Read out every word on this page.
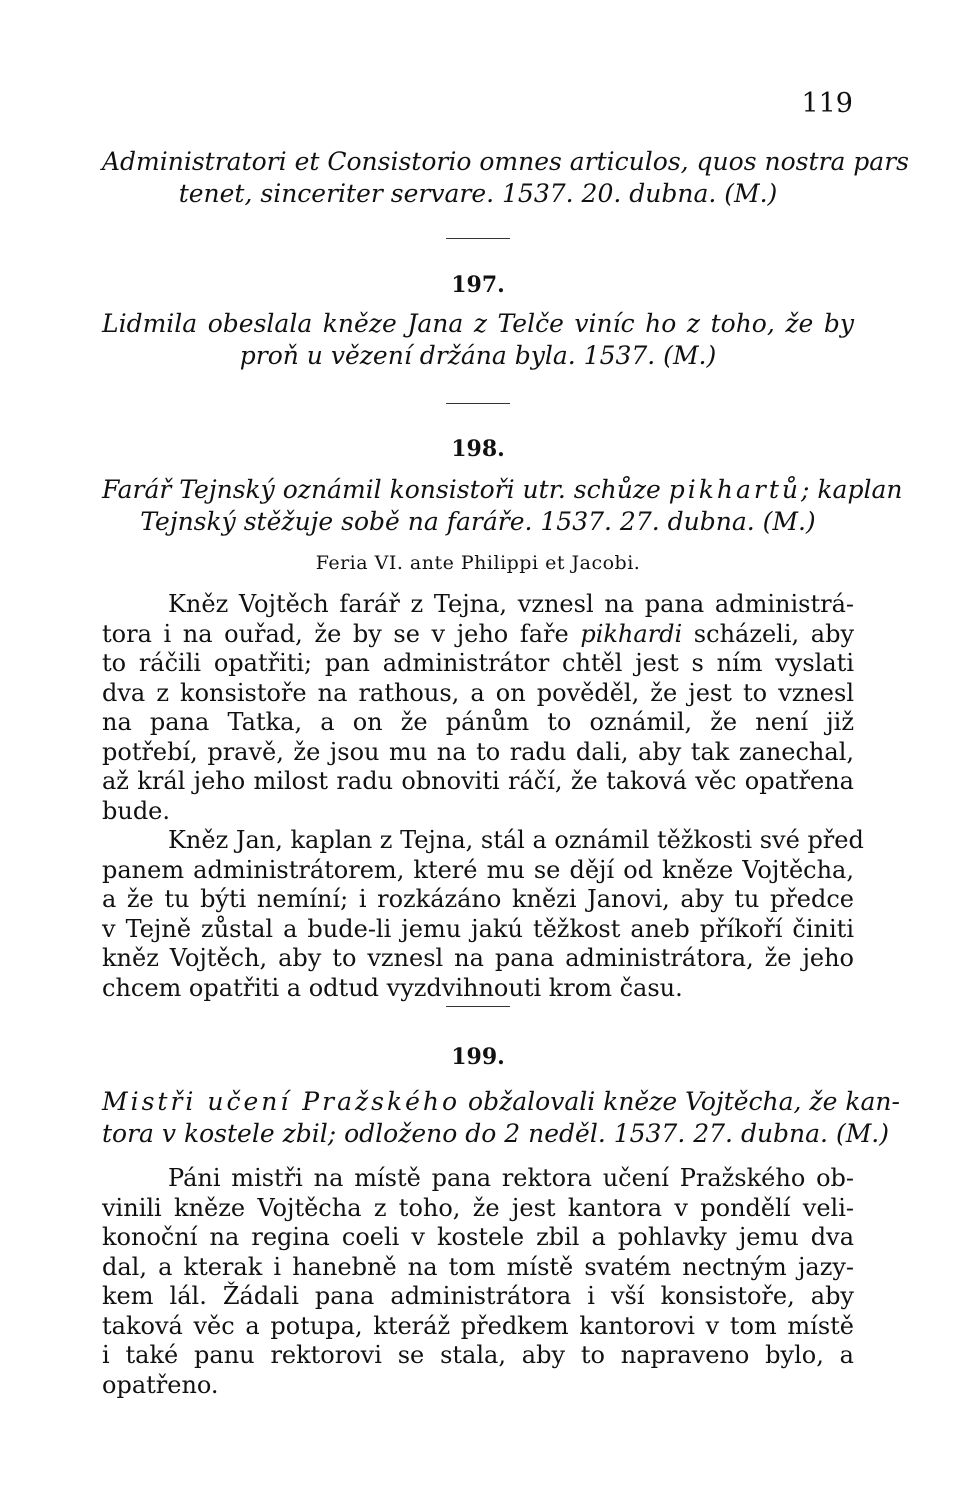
119
Administratori et Consistorio omnes articulos, quos nostra pars
tenet, sinceriter servare. 1537. 20. dubna. (M.)
197.
Lidmila obeslala kněze Jana z Telče viníc ho z toho, že by
proň u vězení držána byla. 1537. (M.)
198.
Farář Tejnský oznámil konsistoři utr. schůze pikhartů; kaplan
Tejnský stěžuje sobě na faráře. 1537. 27. dubna. (M.)
Feria VI. ante Philippi et Jacobi.
Kněz Vojtěch farář z Tejna, vznesl na pana administrá-
tora i na ouřad, že by se v jeho faře pikhardi scházeli, aby
to ráčili opatřiti; pan administrátor chtěl jest s ním vyslati
dva z konsistoře na rathous, a on pověděl, že jest to vznesl
na pana Tatka, a on že pánům to oznámil, že není již
potřebí, pravě, že jsou mu na to radu dali, aby tak zanechal,
až král jeho milost radu obnoviti ráčí, že taková věc opatřena
bude.
Kněz Jan, kaplan z Tejna, stál a oznámil těžkosti své před
panem administrátorem, které mu se dějí od kněze Vojtěcha,
a že tu býti nemíní; i rozkázáno knězi Janovi, aby tu předce
v Tejně zůstal a bude-li jemu jakú těžkost aneb příkoří činiti
kněz Vojtěch, aby to vznesl na pana administrátora, že jeho
chcem opatřiti a odtud vyzdvihnouti krom času.
199.
Mistři učení Pražského obžalovali kněze Vojtěcha, že kan-
tora v kostele zbil; odloženo do 2 neděl. 1537. 27. dubna. (M.)
Páni mistři na místě pana rektora učení Pražského ob-
vinili kněze Vojtěcha z toho, že jest kantora v pondělí veli-
konoční na regina coeli v kostele zbil a pohlavky jemu dva
dal, a kterak i hanebně na tom místě svatém nectným jazy-
kem lál. Žádali pana administrátora i vší konsistoře, aby
taková věc a potupa, kteráž předkem kantorovi v tom místě
i také panu rektorovi se stala, aby to napraveno bylo, a
opatřeno.
